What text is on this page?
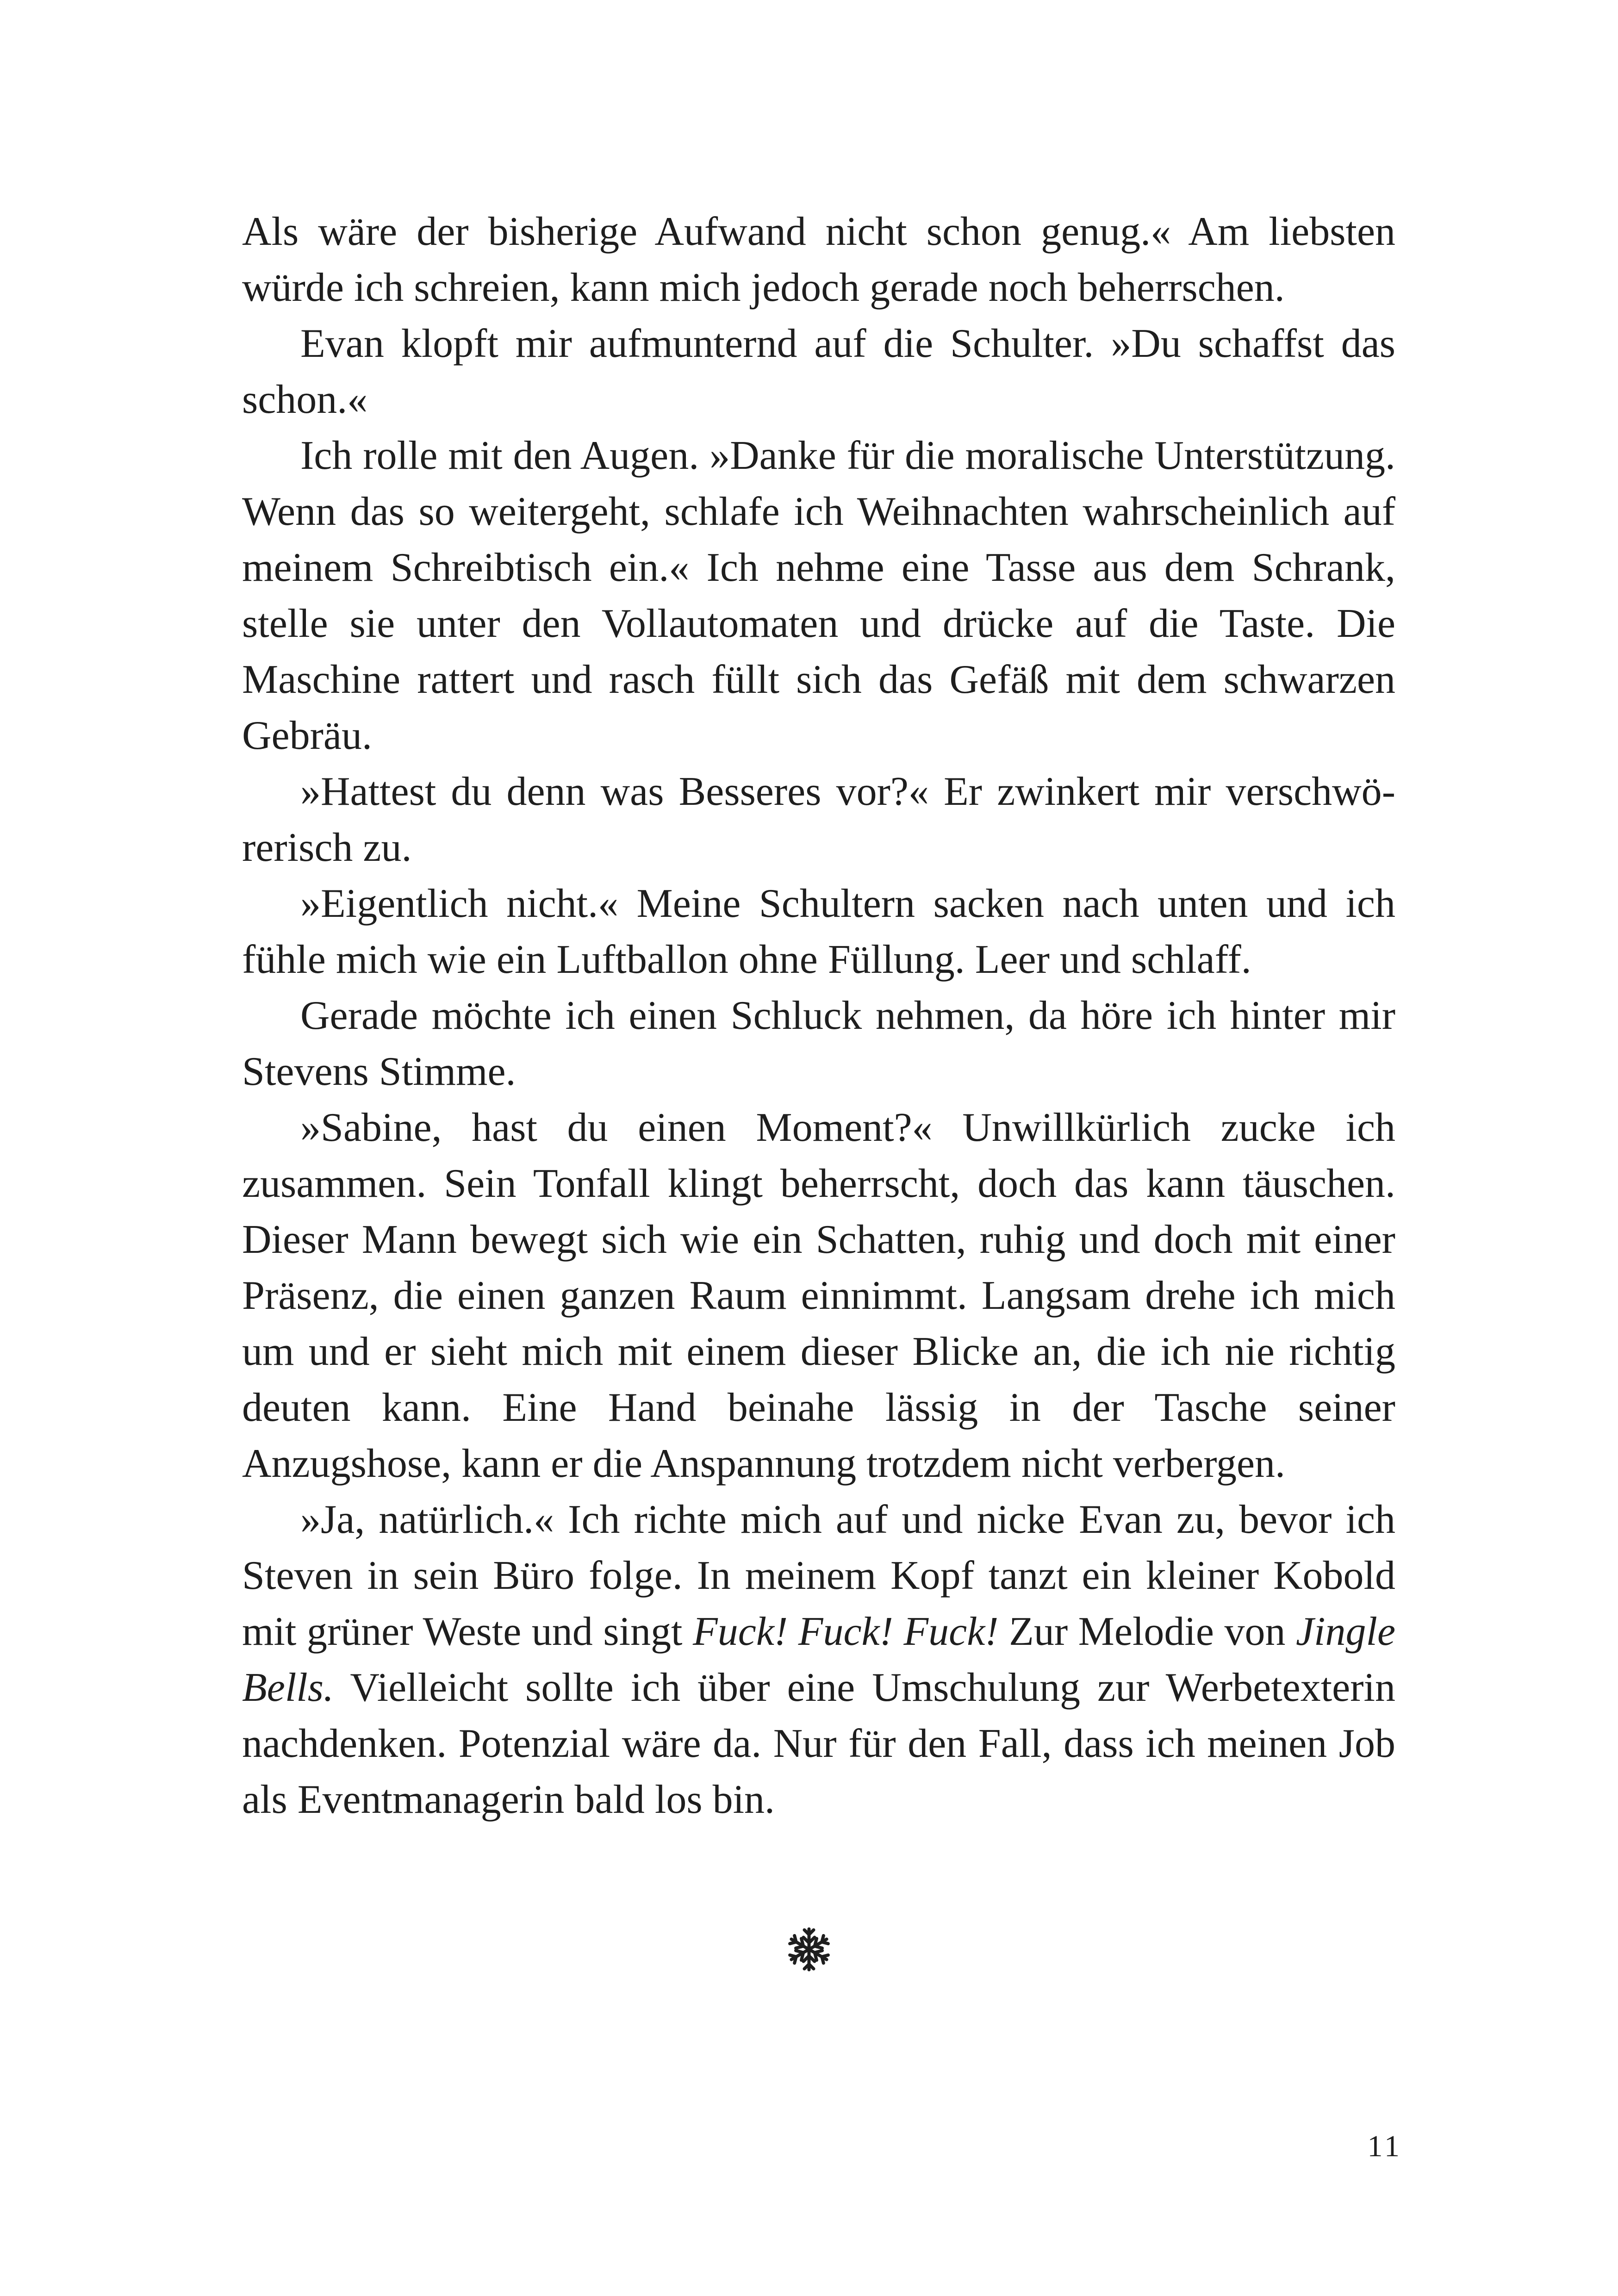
Als wäre der bisherige Aufwand nicht schon genug.« Am liebsten würde ich schreien, kann mich jedoch gerade noch beherrschen.

Evan klopft mir aufmunternd auf die Schulter. »Du schaffst das schon.«

Ich rolle mit den Augen. »Danke für die moralische Unterstützung. Wenn das so weitergeht, schlafe ich Weihnachten wahrscheinlich auf meinem Schreibtisch ein.« Ich nehme eine Tasse aus dem Schrank, stelle sie unter den Vollautomaten und drücke auf die Taste. Die Maschine rattert und rasch füllt sich das Gefäß mit dem schwarzen Gebräu.

»Hattest du denn was Besseres vor?« Er zwinkert mir verschwörerisch zu.

»Eigentlich nicht.« Meine Schultern sacken nach unten und ich fühle mich wie ein Luftballon ohne Füllung. Leer und schlaff.

Gerade möchte ich einen Schluck nehmen, da höre ich hinter mir Stevens Stimme.

»Sabine, hast du einen Moment?« Unwillkürlich zucke ich zusammen. Sein Tonfall klingt beherrscht, doch das kann täuschen. Dieser Mann bewegt sich wie ein Schatten, ruhig und doch mit einer Präsenz, die einen ganzen Raum einnimmt. Langsam drehe ich mich um und er sieht mich mit einem dieser Blicke an, die ich nie richtig deuten kann. Eine Hand beinahe lässig in der Tasche seiner Anzugshose, kann er die Anspannung trotzdem nicht verbergen.

»Ja, natürlich.« Ich richte mich auf und nicke Evan zu, bevor ich Steven in sein Büro folge. In meinem Kopf tanzt ein kleiner Kobold mit grüner Weste und singt Fuck! Fuck! Fuck! Zur Melodie von Jingle Bells. Vielleicht sollte ich über eine Umschulung zur Werbetexterin nachdenken. Potenzial wäre da. Nur für den Fall, dass ich meinen Job als Eventmanagerin bald los bin.

11
